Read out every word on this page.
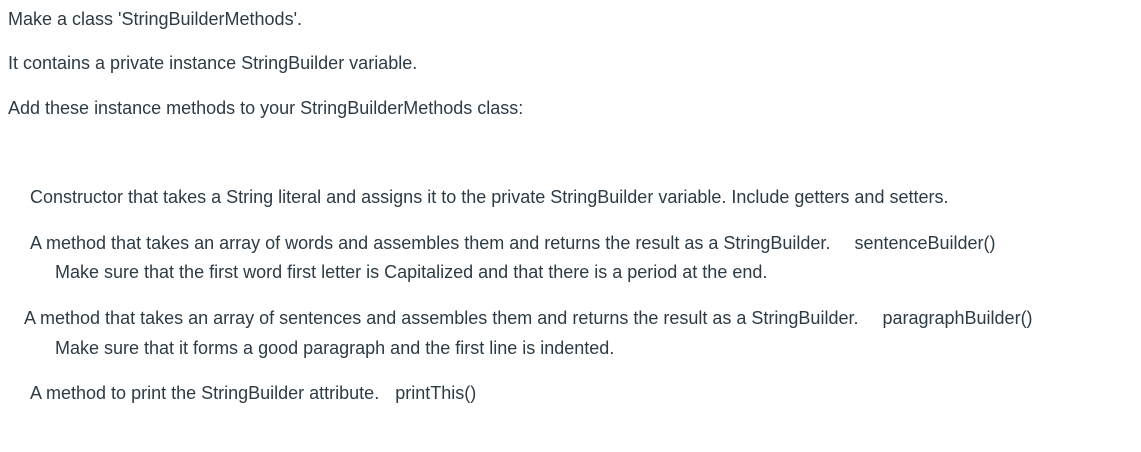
Make a class 'StringBuilderMethods'.
It contains a private instance StringBuilder variable.
Add these instance methods to your StringBuilderMethods class:
Constructor that takes a String literal and assigns it to the private StringBuilder variable. Include getters and setters.
A method that takes an array of words and assembles them and returns the result as a StringBuilder. sentenceBuilder()
Make sure that the first word first letter is Capitalized and that there is a period at the end.
A method that takes an array of sentences and assembles them and returns the result as a StringBuilder. paragraphBuilder()
Make sure that it forms a good paragraph and the first line is indented.
A method to print the StringBuilder attribute. printThis()
